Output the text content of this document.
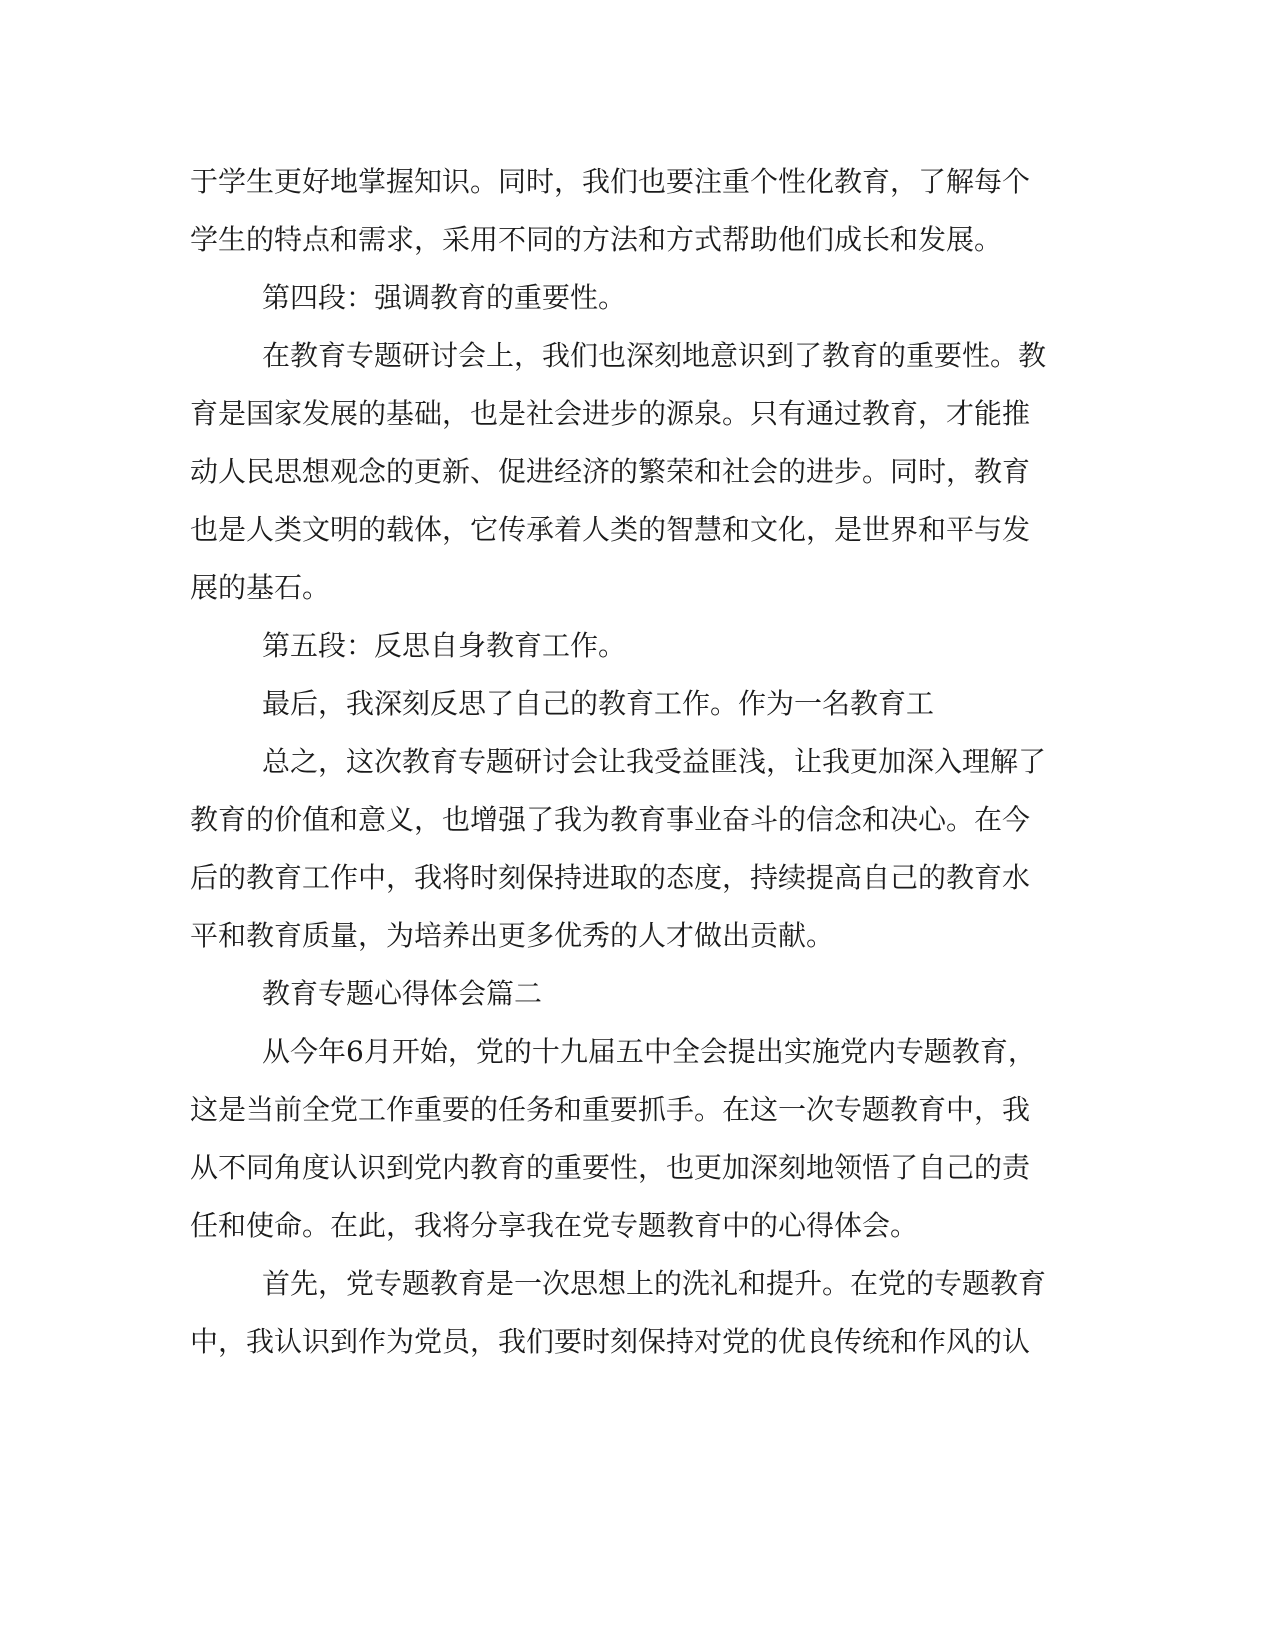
于学生更好地掌握知识。同时，我们也要注重个性化教育，了解每个
学生的特点和需求，采用不同的方法和方式帮助他们成长和发展。
第四段：强调教育的重要性。
在教育专题研讨会上，我们也深刻地意识到了教育的重要性。教
育是国家发展的基础，也是社会进步的源泉。只有通过教育，才能推
动人民思想观念的更新、促进经济的繁荣和社会的进步。同时，教育
也是人类文明的载体，它传承着人类的智慧和文化，是世界和平与发
展的基石。
第五段：反思自身教育工作。
最后，我深刻反思了自己的教育工作。作为一名教育工
总之，这次教育专题研讨会让我受益匪浅，让我更加深入理解了
教育的价值和意义，也增强了我为教育事业奋斗的信念和决心。在今
后的教育工作中，我将时刻保持进取的态度，持续提高自己的教育水
平和教育质量，为培养出更多优秀的人才做出贡献。
教育专题心得体会篇二
从今年6月开始，党的十九届五中全会提出实施党内专题教育，
这是当前全党工作重要的任务和重要抓手。在这一次专题教育中，我
从不同角度认识到党内教育的重要性，也更加深刻地领悟了自己的责
任和使命。在此，我将分享我在党专题教育中的心得体会。
首先，党专题教育是一次思想上的洗礼和提升。在党的专题教育
中，我认识到作为党员，我们要时刻保持对党的优良传统和作风的认
